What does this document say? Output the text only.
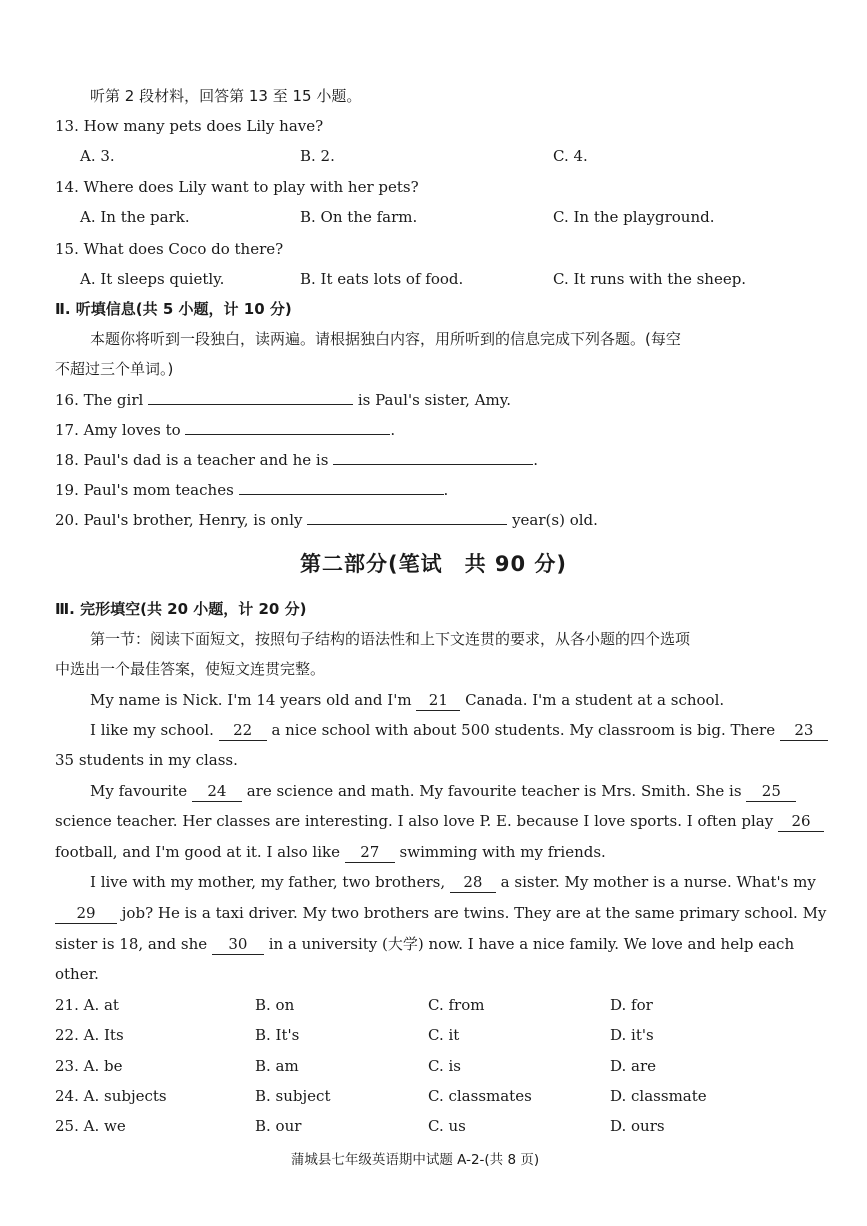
听第 2 段材料，回答第 13 至 15 小题。
13. How many pets does Lily have?
A. 3.	B. 2.	C. 4.
14. Where does Lily want to play with her pets?
A. In the park.	B. On the farm.	C. In the playground.
15. What does Coco do there?
A. It sleeps quietly.	B. It eats lots of food.	C. It runs with the sheep.
Ⅱ. 听填信息(共 5 小题，计 10 分)
本题你将听到一段独白，读两遍。请根据独白内容，用所听到的信息完成下列各题。(每空
不超过三个单词。)
16. The girl	is Paul's sister, Amy.
17. Amy loves to	.
18. Paul's dad is a teacher and he is	.
19. Paul's mom teaches	.
20. Paul's brother, Henry, is only	year(s) old.
第二部分(笔试　共 90 分)
Ⅲ. 完形填空(共 20 小题，计 20 分)
第一节：阅读下面短文，按照句子结构的语法性和上下文连贯的要求，从各小题的四个选项
中选出一个最佳答案，使短文连贯完整。
My name is Nick. I'm 14 years old and I'm 21 Canada. I'm a student at a school.
I like my school. 22 a nice school with about 500 students. My classroom is big. There 23
35 students in my class.
My favourite 24 are science and math. My favourite teacher is Mrs. Smith. She is 25
science teacher. Her classes are interesting. I also love P. E. because I love sports. I often play 26
football, and I'm good at it. I also like 27 swimming with my friends.
I live with my mother, my father, two brothers, 28 a sister. My mother is a nurse. What's my
29 job? He is a taxi driver. My two brothers are twins. They are at the same primary school. My
sister is 18, and she 30 in a university (大学) now. I have a nice family. We love and help each
other.
21. A. at	B. on	C. from	D. for
22. A. Its	B. It's	C. it	D. it's
23. A. be	B. am	C. is	D. are
24. A. subjects	B. subject	C. classmates	D. classmate
25. A. we	B. our	C. us	D. ours
蒲城县七年级英语期中试题 A-2-(共 8 页)
